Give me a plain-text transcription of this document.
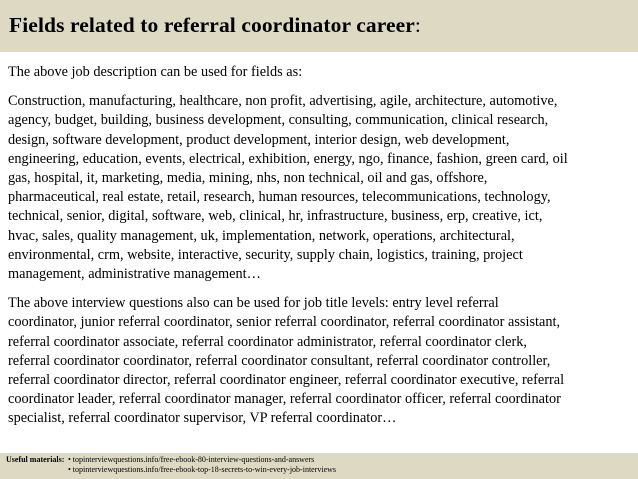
Fields related to referral coordinator career:

The above job description can be used for fields as:

Construction, manufacturing, healthcare, non profit, advertising, agile, architecture, automotive,
agency, budget, building, business development, consulting, communication, clinical research,
design, software development, product development, interior design, web development,
engineering, education, events, electrical, exhibition, energy, ngo, finance, fashion, green card, oil
gas, hospital, it, marketing, media, mining, nhs, non technical, oil and gas, offshore,
pharmaceutical, real estate, retail, research, human resources, telecommunications, technology,
technical, senior, digital, software, web, clinical, hr, infrastructure, business, erp, creative, ict,
hvac, sales, quality management, uk, implementation, network, operations, architectural,
environmental, crm, website, interactive, security, supply chain, logistics, training, project
management, administrative management…

The above interview questions also can be used for job title levels: entry level referral
coordinator, junior referral coordinator, senior referral coordinator, referral coordinator assistant,
referral coordinator associate, referral coordinator administrator, referral coordinator clerk,
referral coordinator coordinator, referral coordinator consultant, referral coordinator controller,
referral coordinator director, referral coordinator engineer, referral coordinator executive, referral
coordinator leader, referral coordinator manager, referral coordinator officer, referral coordinator
specialist, referral coordinator supervisor, VP referral coordinator…

Useful materials: • topinterviewquestions.info/free-ebook-80-interview-questions-and-answers
• topinterviewquestions.info/free-ebook-top-18-secrets-to-win-every-job-interviews
